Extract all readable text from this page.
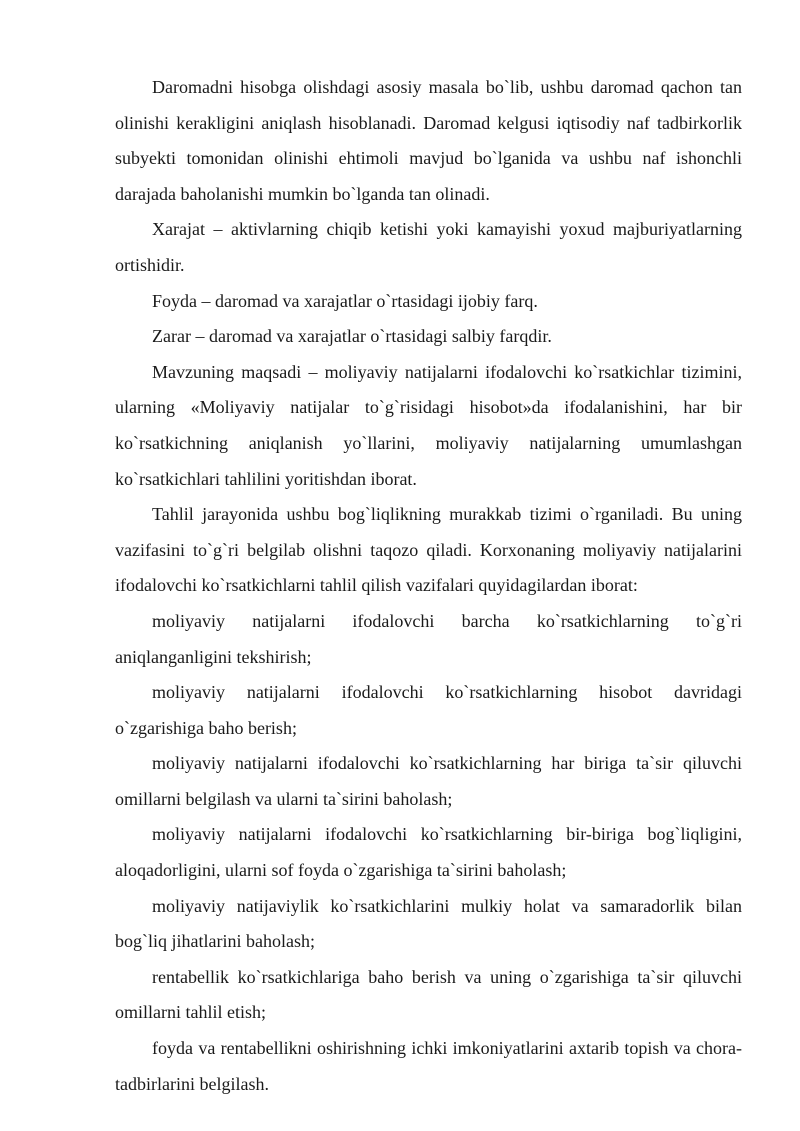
Daromadni hisobga olishdagi asosiy masala bo`lib, ushbu daromad qachon tan olinishi kerakligini aniqlash hisoblanadi. Daromad kelgusi iqtisodiy naf tadbirkorlik subyekti tomonidan olinishi ehtimoli mavjud bo`lganida va ushbu naf ishonchli darajada baholanishi mumkin bo`lganda tan olinadi.

Xarajat – aktivlarning chiqib ketishi yoki kamayishi yoxud majburiyatlarning ortishidir.

Foyda – daromad va xarajatlar o`rtasidagi ijobiy farq.

Zarar – daromad va xarajatlar o`rtasidagi salbiy farqdir.

Mavzuning maqsadi – moliyaviy natijalarni ifodalovchi ko`rsatkichlar tizimini, ularning «Moliyaviy natijalar to`g`risidagi hisobot»da ifodalanishini, har bir ko`rsatkichning aniqlanish yo`llarini, moliyaviy natijalarning umumlashgan ko`rsatkichlari tahlilini yoritishdan iborat.

Tahlil jarayonida ushbu bog`liqlikning murakkab tizimi o`rganiladi. Bu uning vazifasini to`g`ri belgilab olishni taqozo qiladi. Korxonaning moliyaviy natijalarini ifodalovchi ko`rsatkichlarni tahlil qilish vazifalari quyidagilardan iborat:

moliyaviy natijalarni ifodalovchi barcha ko`rsatkichlarning to`g`ri aniqlanganligini tekshirish;

moliyaviy natijalarni ifodalovchi ko`rsatkichlarning hisobot davridagi o`zgarishiga baho berish;

moliyaviy natijalarni ifodalovchi ko`rsatkichlarning har biriga ta`sir qiluvchi omillarni belgilash va ularni ta`sirini baholash;

moliyaviy natijalarni ifodalovchi ko`rsatkichlarning bir-biriga bog`liqligini, aloqadorligini, ularni sof foyda o`zgarishiga ta`sirini baholash;

moliyaviy natijaviylik ko`rsatkichlarini mulkiy holat va samaradorlik bilan bog`liq jihatlarini baholash;

rentabellik ko`rsatkichlariga baho berish va uning o`zgarishiga ta`sir qiluvchi omillarni tahlil etish;

foyda va rentabellikni oshirishning ichki imkoniyatlarini axtarib topish va chora-tadbirlarini belgilash.
